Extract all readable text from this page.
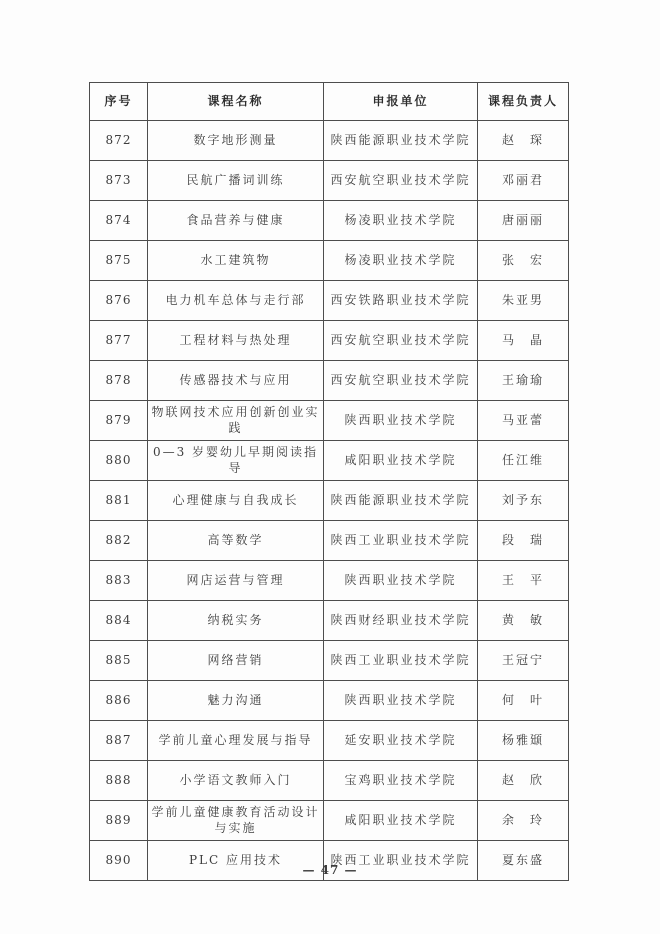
序号	课程名称	申报单位	课程负责人
872	数字地形测量	陕西能源职业技术学院	赵　琛
873	民航广播词训练	西安航空职业技术学院	邓丽君
874	食品营养与健康	杨凌职业技术学院	唐丽丽
875	水工建筑物	杨凌职业技术学院	张　宏
876	电力机车总体与走行部	西安铁路职业技术学院	朱亚男
877	工程材料与热处理	西安航空职业技术学院	马　晶
878	传感器技术与应用	西安航空职业技术学院	王瑜瑜
879	物联网技术应用创新创业实践	陕西职业技术学院	马亚蕾
880	0—3 岁婴幼儿早期阅读指导	咸阳职业技术学院	任江维
881	心理健康与自我成长	陕西能源职业技术学院	刘予东
882	高等数学	陕西工业职业技术学院	段　瑞
883	网店运营与管理	陕西职业技术学院	王　平
884	纳税实务	陕西财经职业技术学院	黄　敏
885	网络营销	陕西工业职业技术学院	王冠宁
886	魅力沟通	陕西职业技术学院	何　叶
887	学前儿童心理发展与指导	延安职业技术学院	杨雅颋
888	小学语文教师入门	宝鸡职业技术学院	赵　欣
889	学前儿童健康教育活动设计与实施	咸阳职业技术学院	余　玲
890	PLC 应用技术	陕西工业职业技术学院	夏东盛
— 47 —
